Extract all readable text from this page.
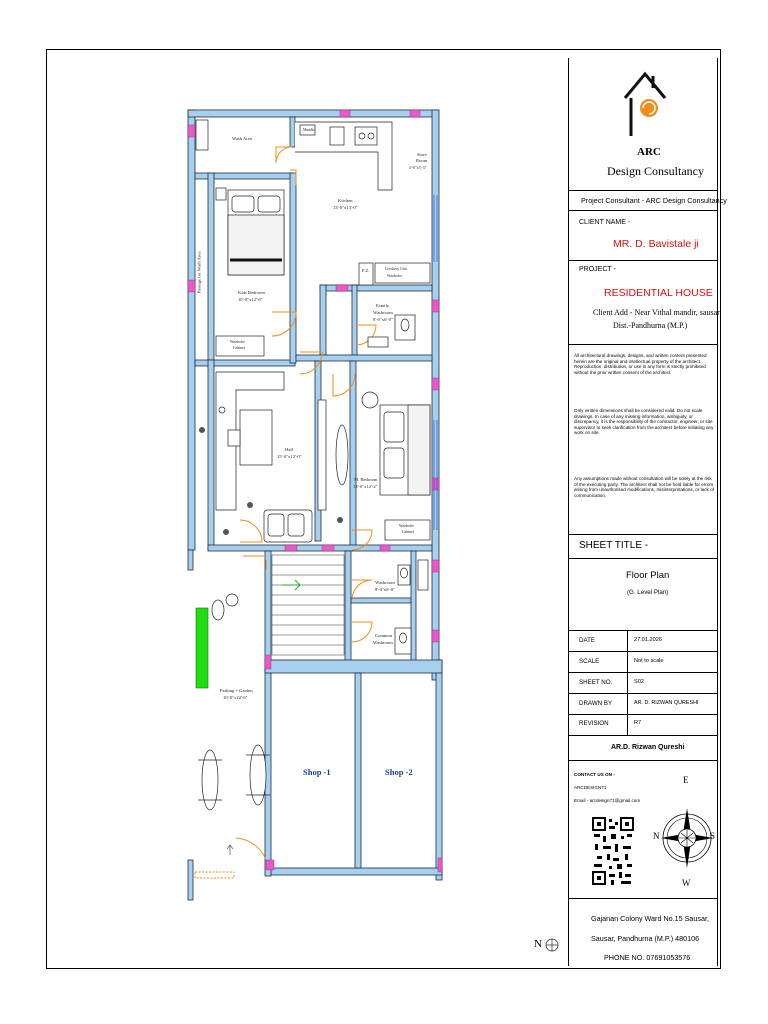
Wash Area
Mandir
Store
Room
4'-0"x5'-3"
Kitchen
13'-0"x13'-0"
Passage for Wash Area	Kids Bedroom
10'-8"x12'-6"
Crockery Unit
Wardrobe
F.Z.
Family
Washroom
8'-0"x6'-0"
Wardrobe
Cabinet
Hall
15'-0"x12'-0"
M. Bedroom
13'-0"x12'-2"
Wardrobe
Cabinet
Washroom
8'-0"x6'-0"
Common
Washroom
Parking + Garden
10'-0"x22'-6"
Shop -1	Shop -2
N
ARC
Design Consultancy
Project Consultant - ARC Design Consultancy
CLIENT NAME -
MR. D. Bavistale ji
PROJECT -
RESIDENTIAL HOUSE
Client Add - Near Vithal mandir, sausar
Dist.-Pandhurna (M.P.)
All architectural drawings, designs, and written content presented herein are the original and intellectual property of the architect. Reproduction, distribution, or use in any form is strictly prohibited without the prior written consent of the architect.
Only written dimensions shall be considered valid. Do not scale drawings. In case of any missing information, ambiguity, or discrepancy, it is the responsibility of the contractor, engineer, or site supervisor to seek clarification from the architect before initiating any work on site.
Any assumptions made without consultation will be solely at the risk of the executing party. The architect shall not be held liable for errors arising from unauthorised modifications, misinterpretations, or lack of communication.
SHEET TITLE -
Floor Plan
(G. Level Plan)
DATE	27.01.2026
SCALE	Not to scale
SHEET NO.	S02
DRAWN BY	AR. D. RIZWAN QURESHI
REVISION	R7
AR.D. Rizwan Qureshi
CONTACT US ON -
ARCDESIGN71
Email - arcdesign71@gmail.com
E
N	S
W
Gajanan Colony Ward No.15 Sausar,
Sausar, Pandhurna (M.P.) 480106
PHONE NO. 07691053576
